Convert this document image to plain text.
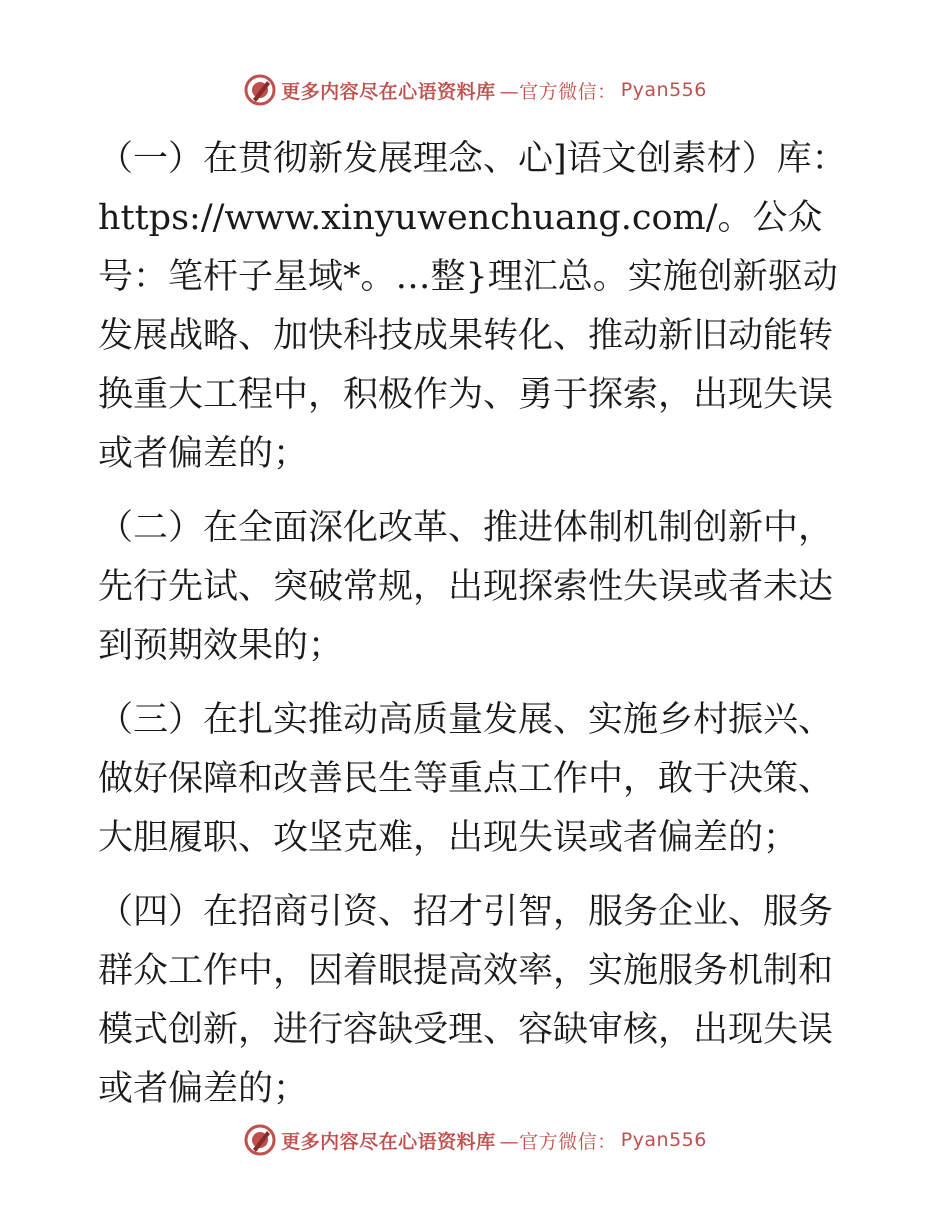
更多内容尽在心语资料库 —官方微信： Pyan556

（一）在贯彻新发展理念、心]语文创素材）库：https://www.xinyuwenchuang.com/。公众号：笔杆子星域*。…整}理汇总。实施创新驱动发展战略、加快科技成果转化、推动新旧动能转换重大工程中，积极作为、勇于探索，出现失误或者偏差的；

（二）在全面深化改革、推进体制机制创新中，先行先试、突破常规，出现探索性失误或者未达到预期效果的；

（三）在扎实推动高质量发展、实施乡村振兴、做好保障和改善民生等重点工作中，敢于决策、大胆履职、攻坚克难，出现失误或者偏差的；

（四）在招商引资、招才引智，服务企业、服务群众工作中，因着眼提高效率，实施服务机制和模式创新，进行容缺受理、容缺审核，出现失误或者偏差的；

更多内容尽在心语资料库 —官方微信： Pyan556
